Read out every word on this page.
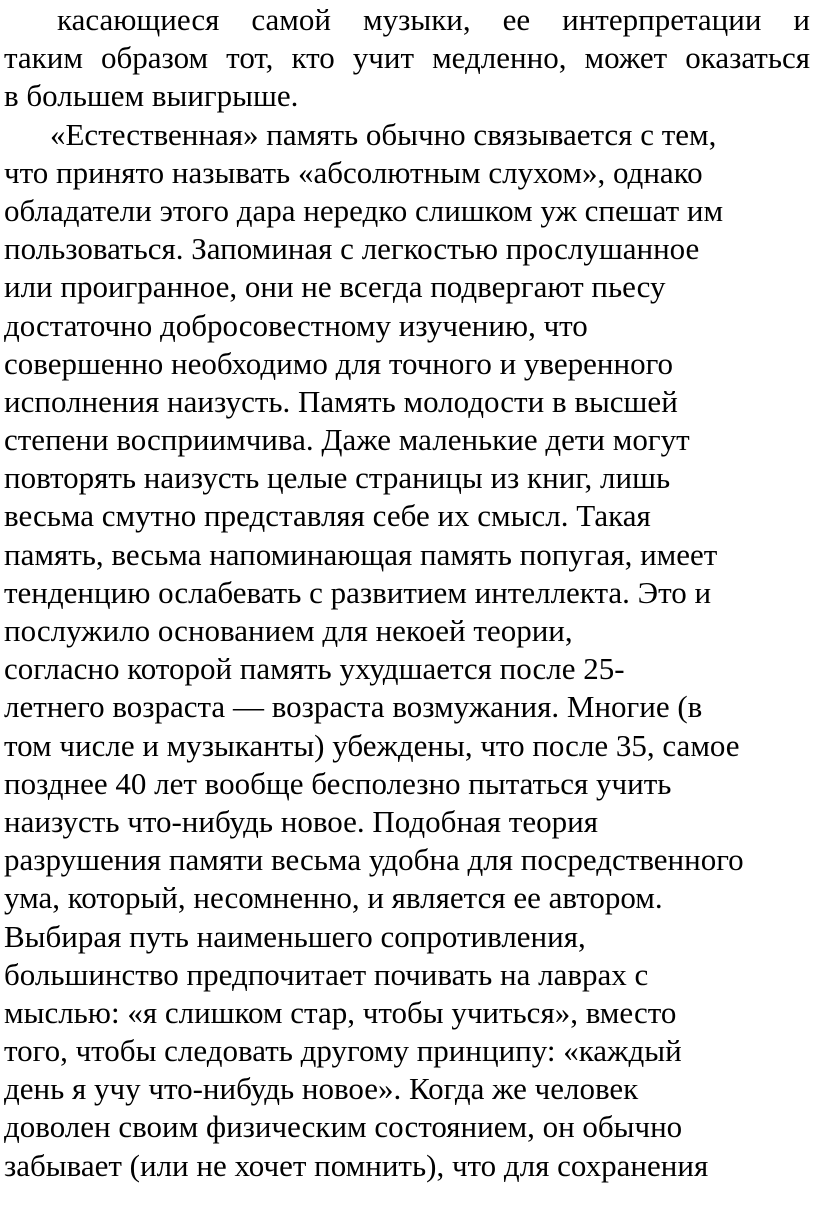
касающиеся самой музыки, ее интерпретации и
таким образом тот, кто учит медленно, может оказаться
в большем выигрыше.
«Естественная» память обычно связывается с тем,
что принято называть «абсолютным слухом», однако
обладатели этого дара нередко слишком уж спешат им
пользоваться. Запоминая с легкостью прослушанное
или проигранное, они не всегда подвергают пьесу
достаточно добросовестному изучению, что
совершенно необходимо для точного и уверенного
исполнения наизусть. Память молодости в высшей
степени восприимчива. Даже маленькие дети могут
повторять наизусть целые страницы из книг, лишь
весьма смутно представляя себе их смысл. Такая
память, весьма напоминающая память попугая, имеет
тенденцию ослабевать с развитием интеллекта. Это и
послужило основанием для некоей теории,
согласно которой память ухудшается после 25-
летнего возраста — возраста возмужания. Многие (в
том числе и музыканты) убеждены, что после 35, самое
позднее 40 лет вообще бесполезно пытаться учить
наизусть что-нибудь новое. Подобная теория
разрушения памяти весьма удобна для посредственного
ума, который, несомненно, и является ее автором.
Выбирая путь наименьшего сопротивления,
большинство предпочитает почивать на лаврах с
мыслью: «я слишком стар, чтобы учиться», вместо
того, чтобы следовать другому принципу: «каждый
день я учу что-нибудь новое». Когда же человек
доволен своим физическим состоянием, он обычно
забывает (или не хочет помнить), что для сохранения
